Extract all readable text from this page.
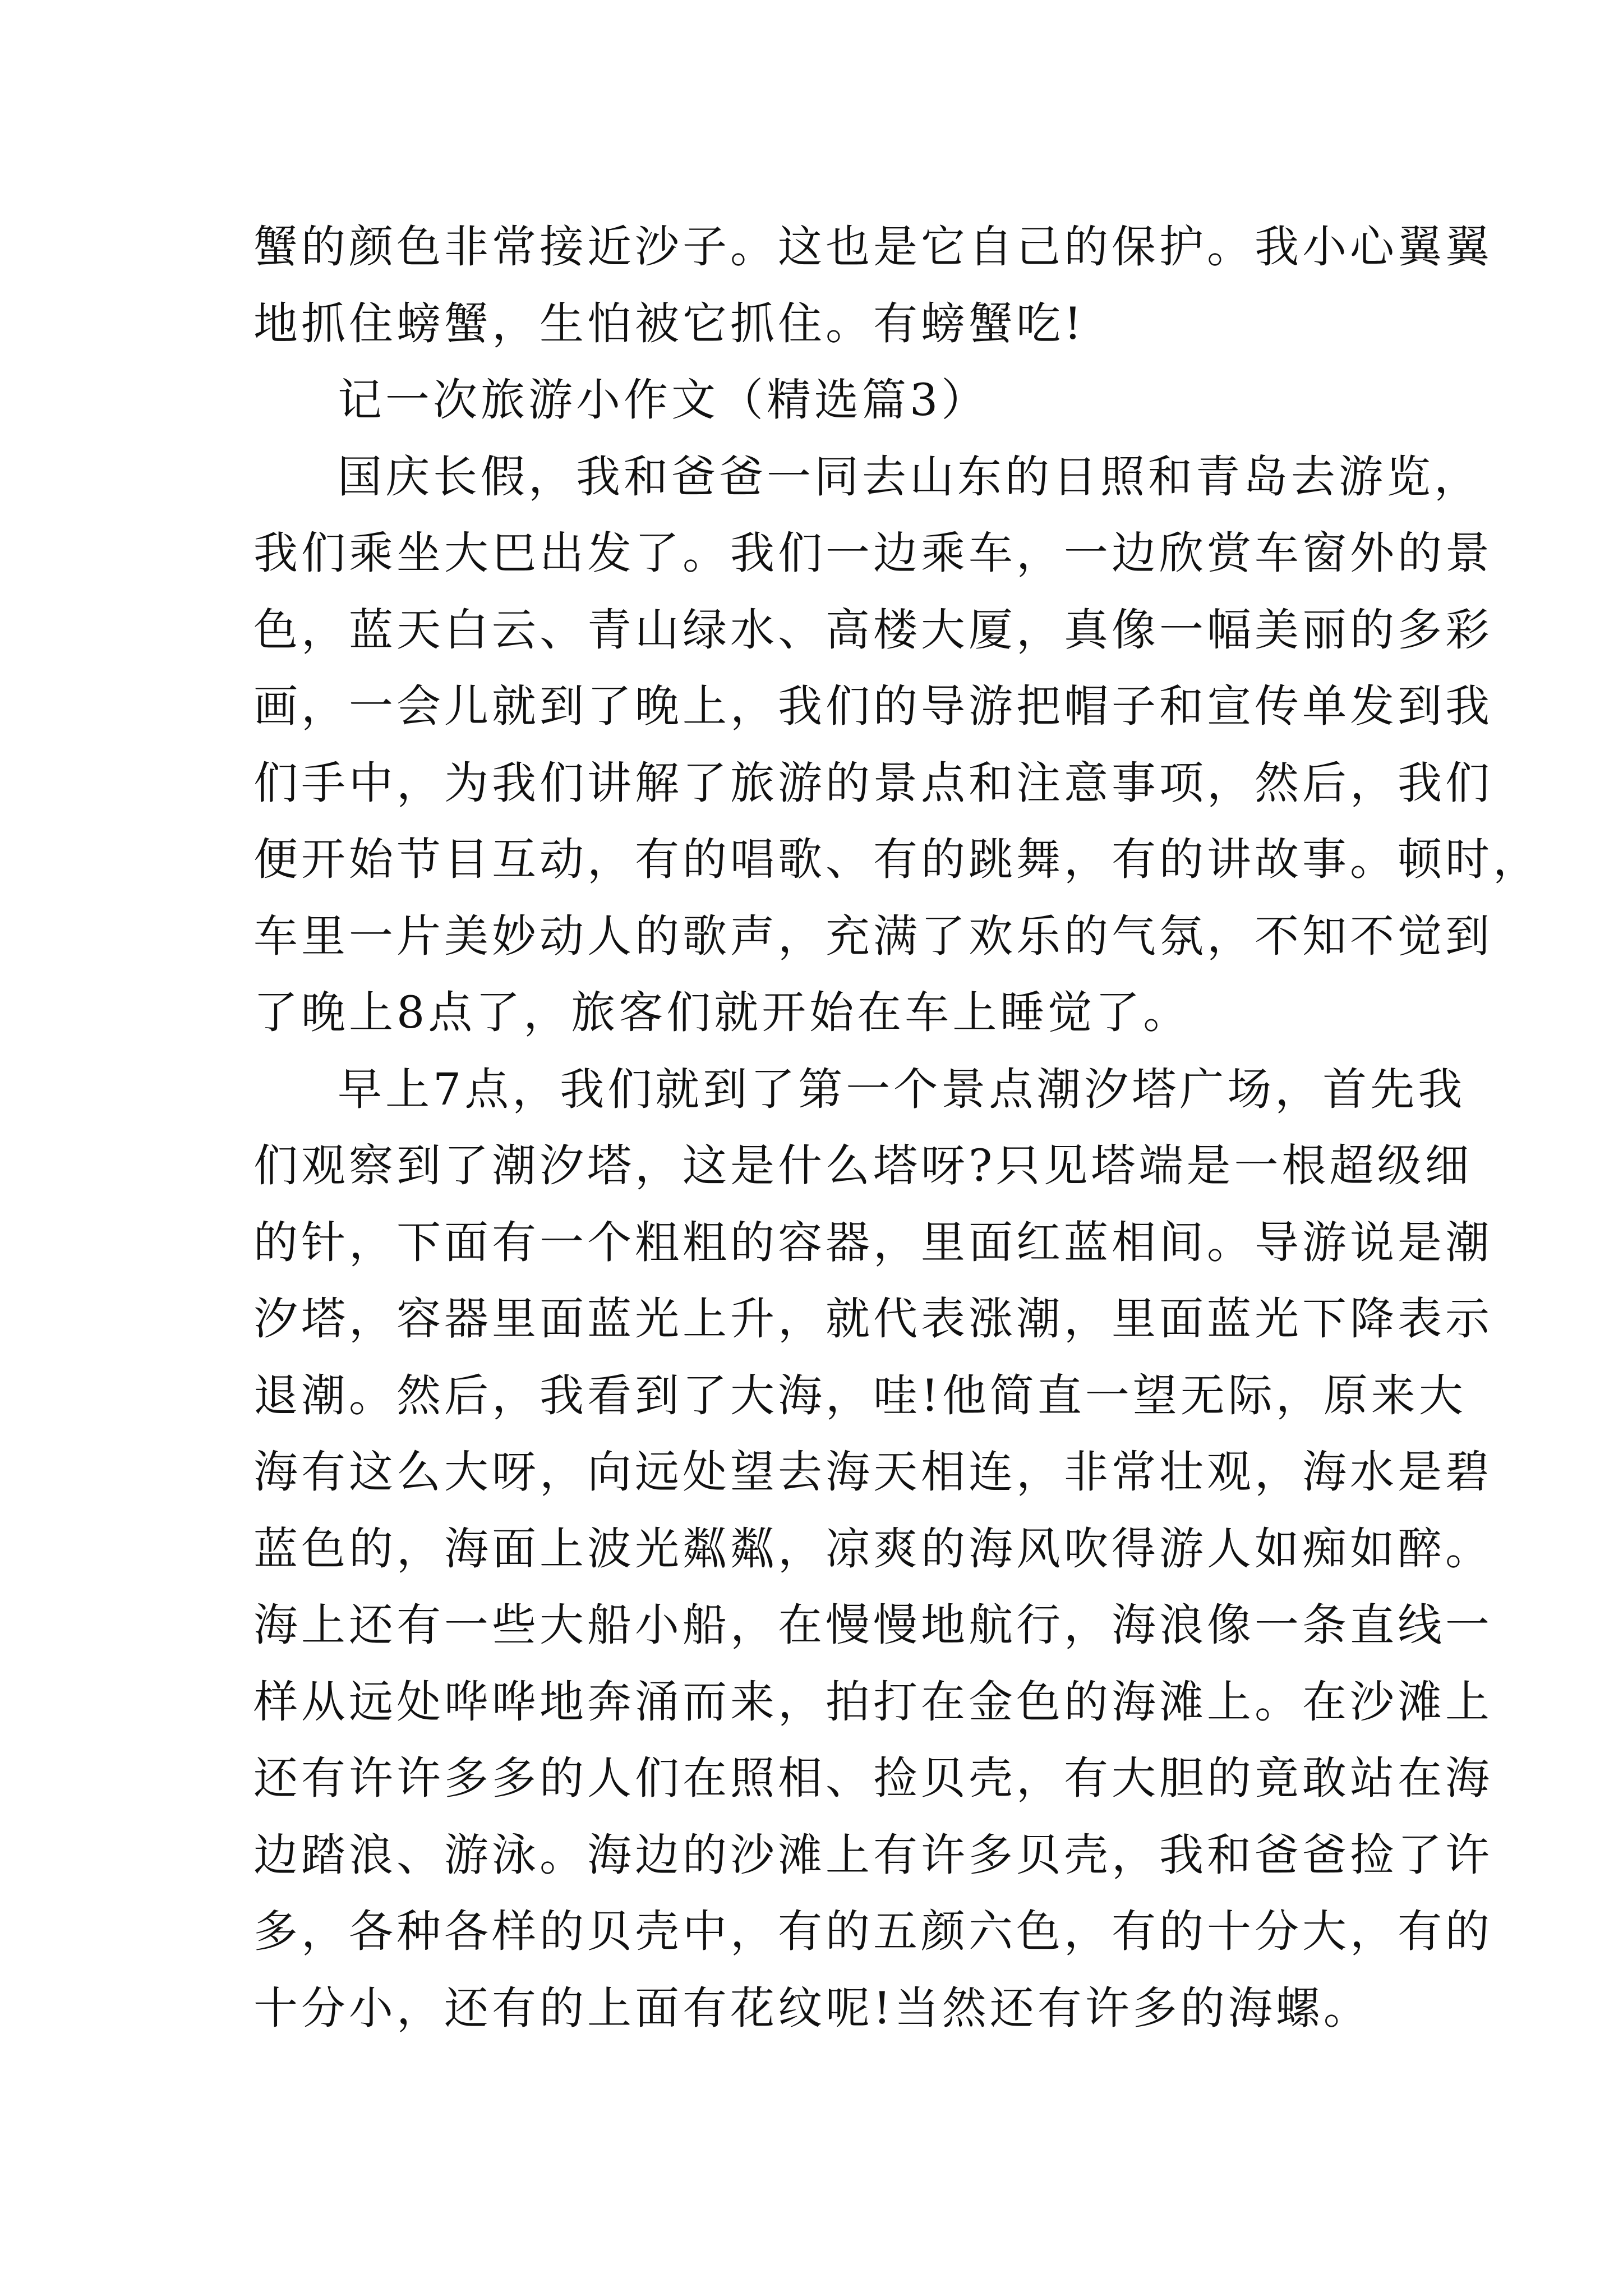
蟹的颜色非常接近沙子。这也是它自己的保护。我小心翼翼
地抓住螃蟹，生怕被它抓住。有螃蟹吃!
记一次旅游小作文（精选篇3）
国庆长假，我和爸爸一同去山东的日照和青岛去游览，
我们乘坐大巴出发了。我们一边乘车，一边欣赏车窗外的景
色，蓝天白云、青山绿水、高楼大厦，真像一幅美丽的多彩
画，一会儿就到了晚上，我们的导游把帽子和宣传单发到我
们手中，为我们讲解了旅游的景点和注意事项，然后，我们
便开始节目互动，有的唱歌、有的跳舞，有的讲故事。顿时，
车里一片美妙动人的歌声，充满了欢乐的气氛，不知不觉到
了晚上8点了，旅客们就开始在车上睡觉了。
早上7点，我们就到了第一个景点潮汐塔广场，首先我
们观察到了潮汐塔，这是什么塔呀?只见塔端是一根超级细
的针，下面有一个粗粗的容器，里面红蓝相间。导游说是潮
汐塔，容器里面蓝光上升，就代表涨潮，里面蓝光下降表示
退潮。然后，我看到了大海，哇!他简直一望无际，原来大
海有这么大呀，向远处望去海天相连，非常壮观，海水是碧
蓝色的，海面上波光粼粼，凉爽的海风吹得游人如痴如醉。
海上还有一些大船小船，在慢慢地航行，海浪像一条直线一
样从远处哗哗地奔涌而来，拍打在金色的海滩上。在沙滩上
还有许许多多的人们在照相、捡贝壳，有大胆的竟敢站在海
边踏浪、游泳。海边的沙滩上有许多贝壳，我和爸爸捡了许
多，各种各样的贝壳中，有的五颜六色，有的十分大，有的
十分小，还有的上面有花纹呢!当然还有许多的海螺。
